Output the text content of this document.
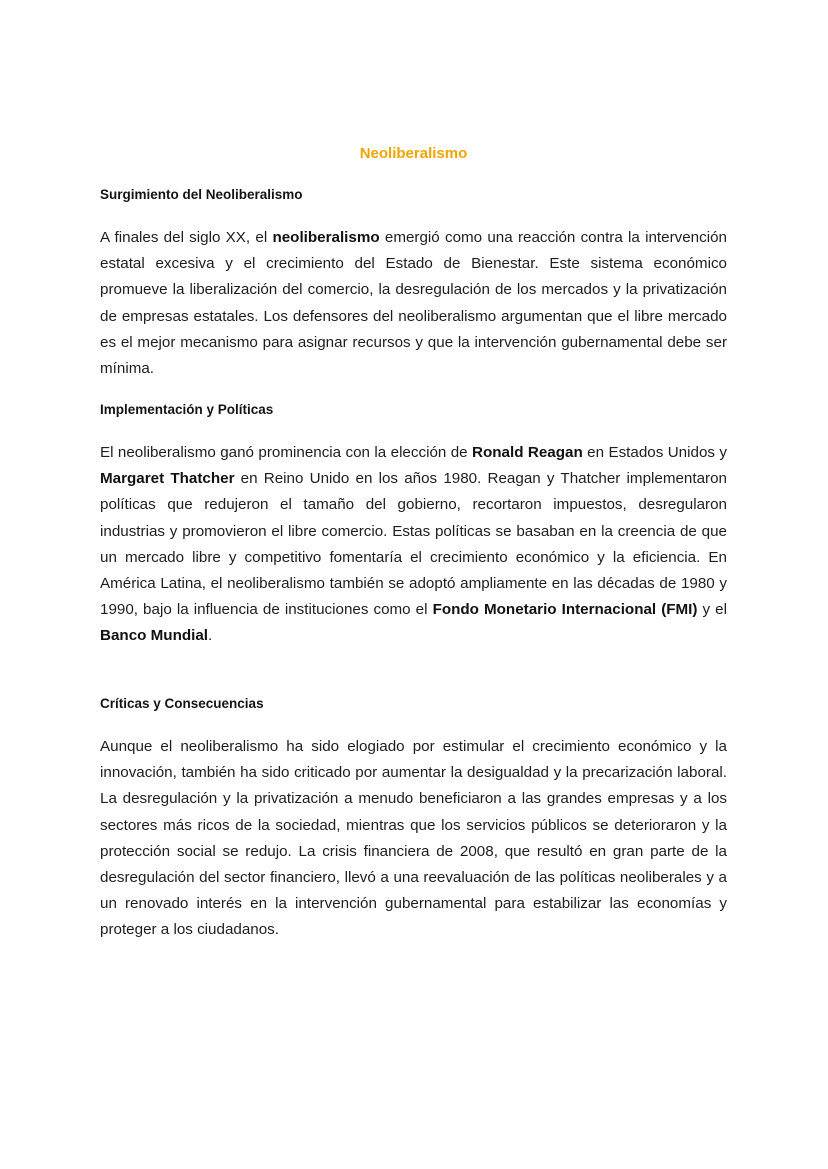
Neoliberalismo
Surgimiento del Neoliberalismo

A finales del siglo XX, el neoliberalismo emergió como una reacción contra la intervención estatal excesiva y el crecimiento del Estado de Bienestar. Este sistema económico promueve la liberalización del comercio, la desregulación de los mercados y la privatización de empresas estatales. Los defensores del neoliberalismo argumentan que el libre mercado es el mejor mecanismo para asignar recursos y que la intervención gubernamental debe ser mínima.

Implementación y Políticas

El neoliberalismo ganó prominencia con la elección de Ronald Reagan en Estados Unidos y Margaret Thatcher en Reino Unido en los años 1980. Reagan y Thatcher implementaron políticas que redujeron el tamaño del gobierno, recortaron impuestos, desregularon industrias y promovieron el libre comercio. Estas políticas se basaban en la creencia de que un mercado libre y competitivo fomentaría el crecimiento económico y la eficiencia. En América Latina, el neoliberalismo también se adoptó ampliamente en las décadas de 1980 y 1990, bajo la influencia de instituciones como el Fondo Monetario Internacional (FMI) y el Banco Mundial.

Críticas y Consecuencias

Aunque el neoliberalismo ha sido elogiado por estimular el crecimiento económico y la innovación, también ha sido criticado por aumentar la desigualdad y la precarización laboral. La desregulación y la privatización a menudo beneficiaron a las grandes empresas y a los sectores más ricos de la sociedad, mientras que los servicios públicos se deterioraron y la protección social se redujo. La crisis financiera de 2008, que resultó en gran parte de la desregulación del sector financiero, llevó a una reevaluación de las políticas neoliberales y a un renovado interés en la intervención gubernamental para estabilizar las economías y proteger a los ciudadanos.
